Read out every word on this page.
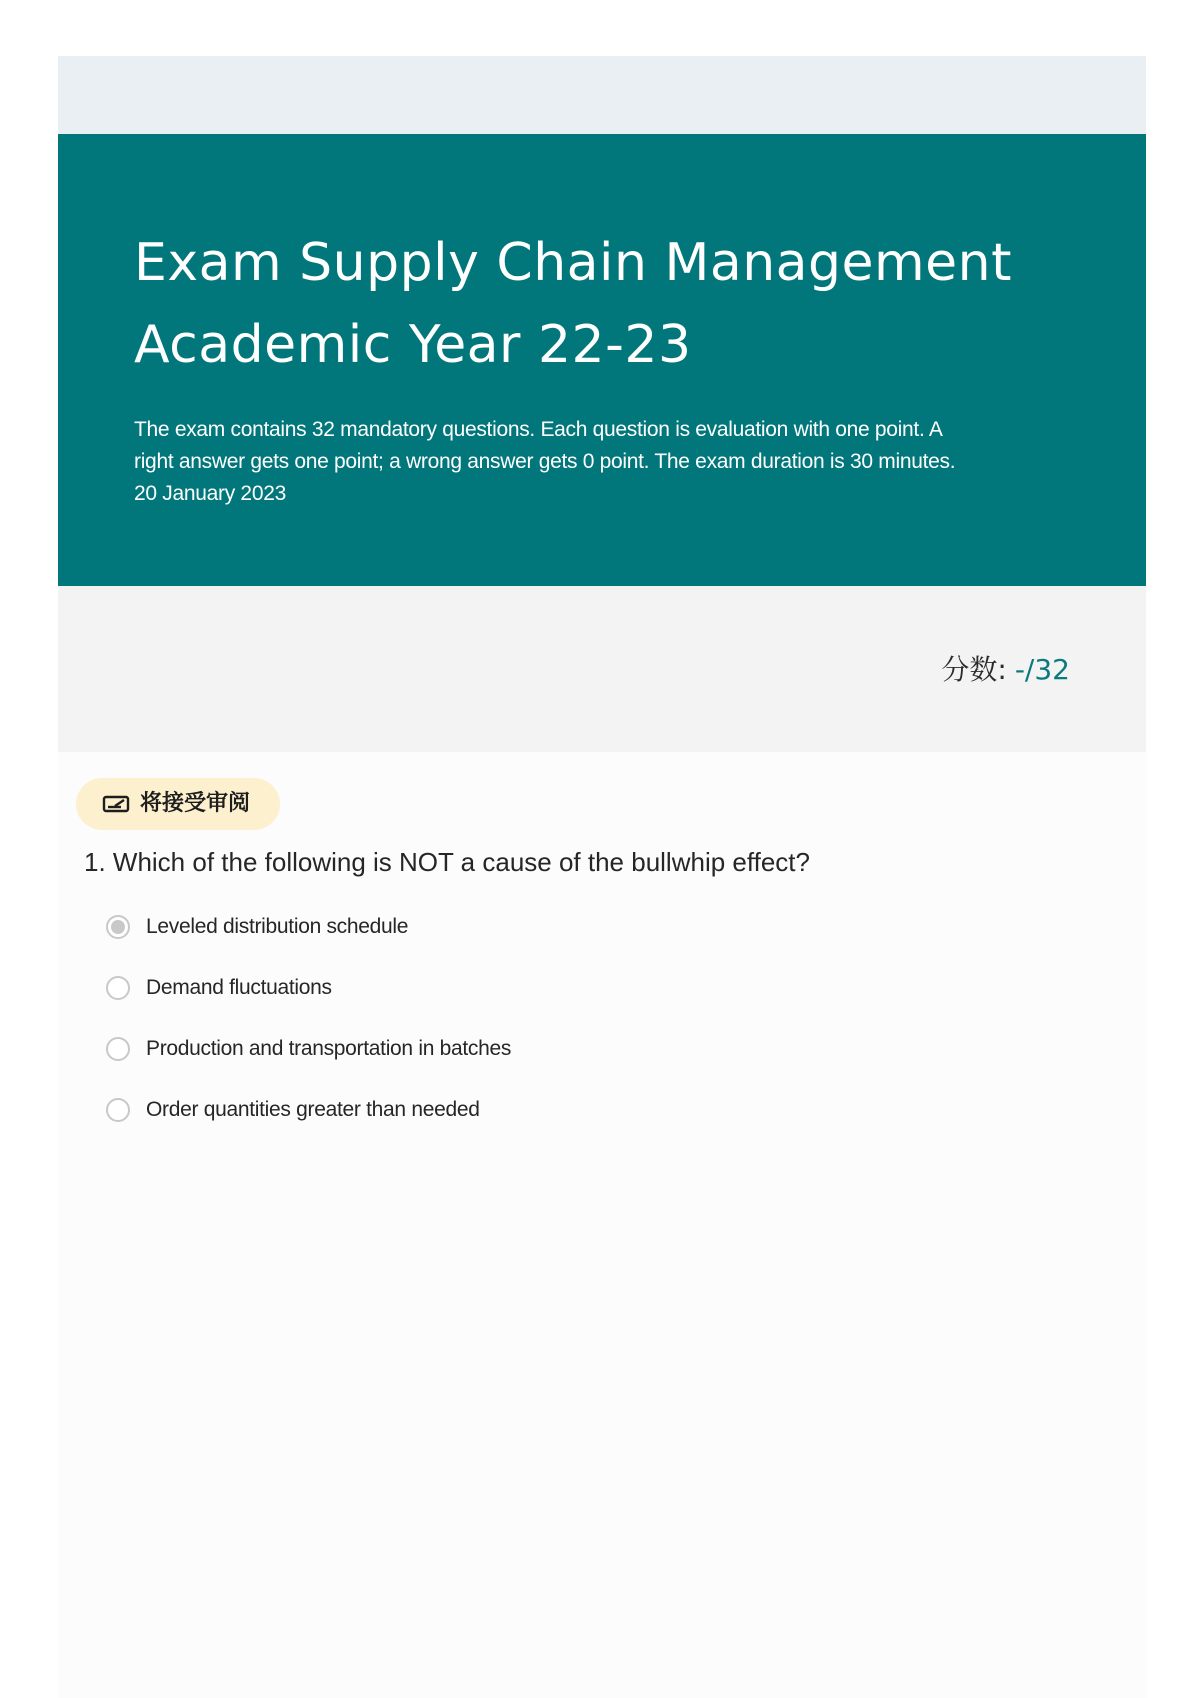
Exam Supply Chain Management
Academic Year 22-23

The exam contains 32 mandatory questions. Each question is evaluation with one point. A
right answer gets one point; a wrong answer gets 0 point. The exam duration is 30 minutes.
20 January 2023

分数: -/32
将接受审阅
1. Which of the following is NOT a cause of the bullwhip effect?
Leveled distribution schedule
Demand fluctuations
Production and transportation in batches
Order quantities greater than needed
